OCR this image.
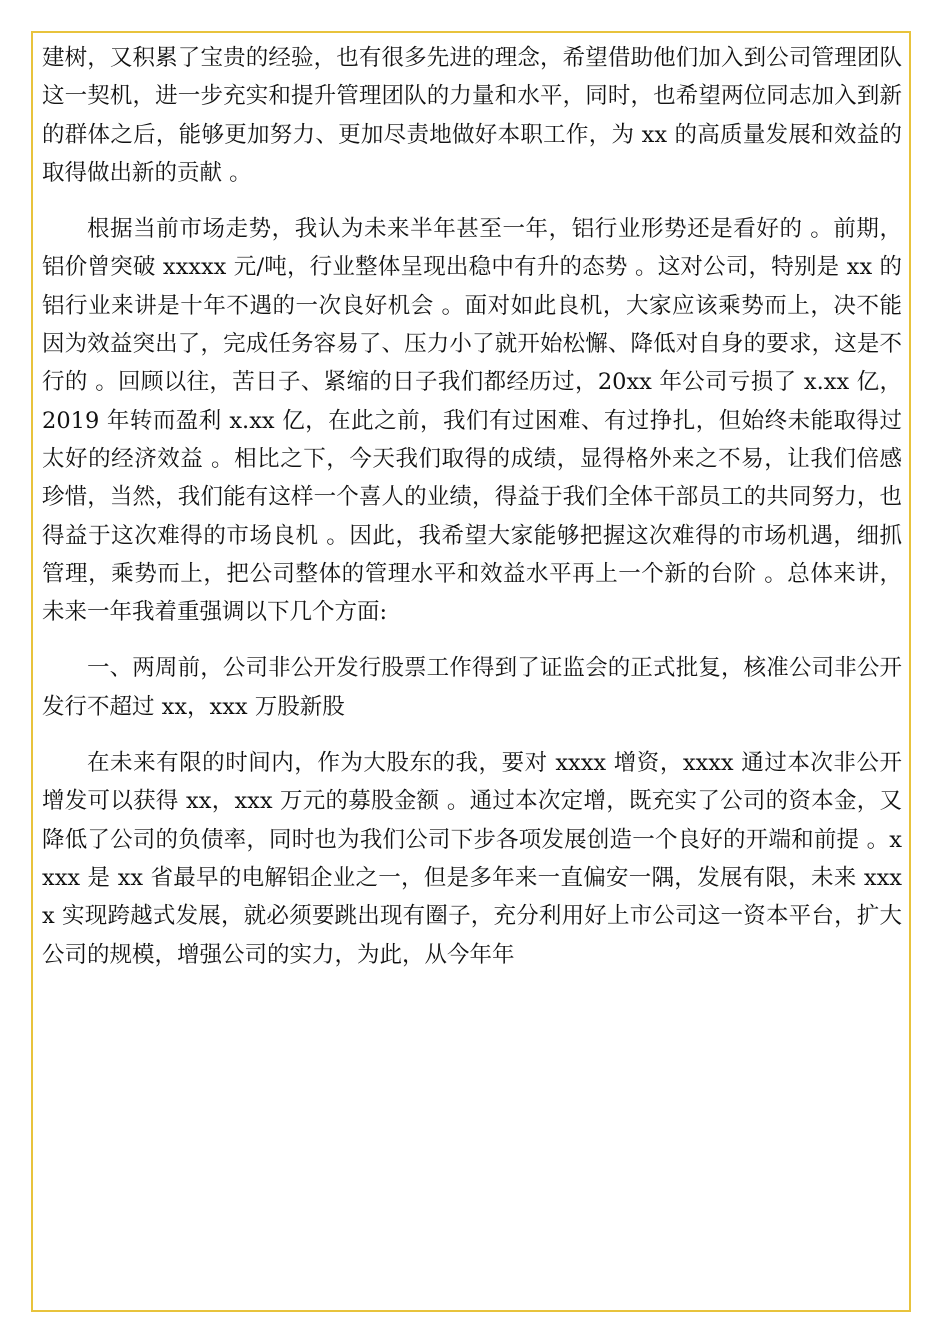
建树，又积累了宝贵的经验，也有很多先进的理念，希望借助他们加入到公司管理团队这一契机，进一步充实和提升管理团队的力量和水平，同时，也希望两位同志加入到新的群体之后，能够更加努力、更加尽责地做好本职工作，为 xx 的高质量发展和效益的取得做出新的贡献 。

根据当前市场走势，我认为未来半年甚至一年，铝行业形势还是看好的 。前期，铝价曾突破 xxxxx 元/吨，行业整体呈现出稳中有升的态势 。这对公司，特别是 xx 的铝行业来讲是十年不遇的一次良好机会 。面对如此良机，大家应该乘势而上，决不能因为效益突出了，完成任务容易了、压力小了就开始松懈、降低对自身的要求，这是不行的 。回顾以往，苦日子、紧缩的日子我们都经历过，20xx 年公司亏损了 x.xx 亿，2019 年转而盈利 x.xx 亿，在此之前，我们有过困难、有过挣扎，但始终未能取得过太好的经济效益 。相比之下，今天我们取得的成绩，显得格外来之不易，让我们倍感珍惜，当然，我们能有这样一个喜人的业绩，得益于我们全体干部员工的共同努力，也得益于这次难得的市场良机 。因此，我希望大家能够把握这次难得的市场机遇，细抓管理，乘势而上，把公司整体的管理水平和效益水平再上一个新的台阶 。总体来讲，未来一年我着重强调以下几个方面:

一、两周前，公司非公开发行股票工作得到了证监会的正式批复，核准公司非公开发行不超过 xx，xxx 万股新股

在未来有限的时间内，作为大股东的我，要对 xxxx 增资，xxxx 通过本次非公开增发可以获得 xx，xxx 万元的募股金额 。通过本次定增，既充实了公司的资本金，又降低了公司的负债率，同时也为我们公司下步各项发展创造一个良好的开端和前提 。xxxx 是 xx 省最早的电解铝企业之一，但是多年来一直偏安一隅，发展有限，未来 xxxx 实现跨越式发展，就必须要跳出现有圈子，充分利用好上市公司这一资本平台，扩大公司的规模，增强公司的实力，为此，从今年年
